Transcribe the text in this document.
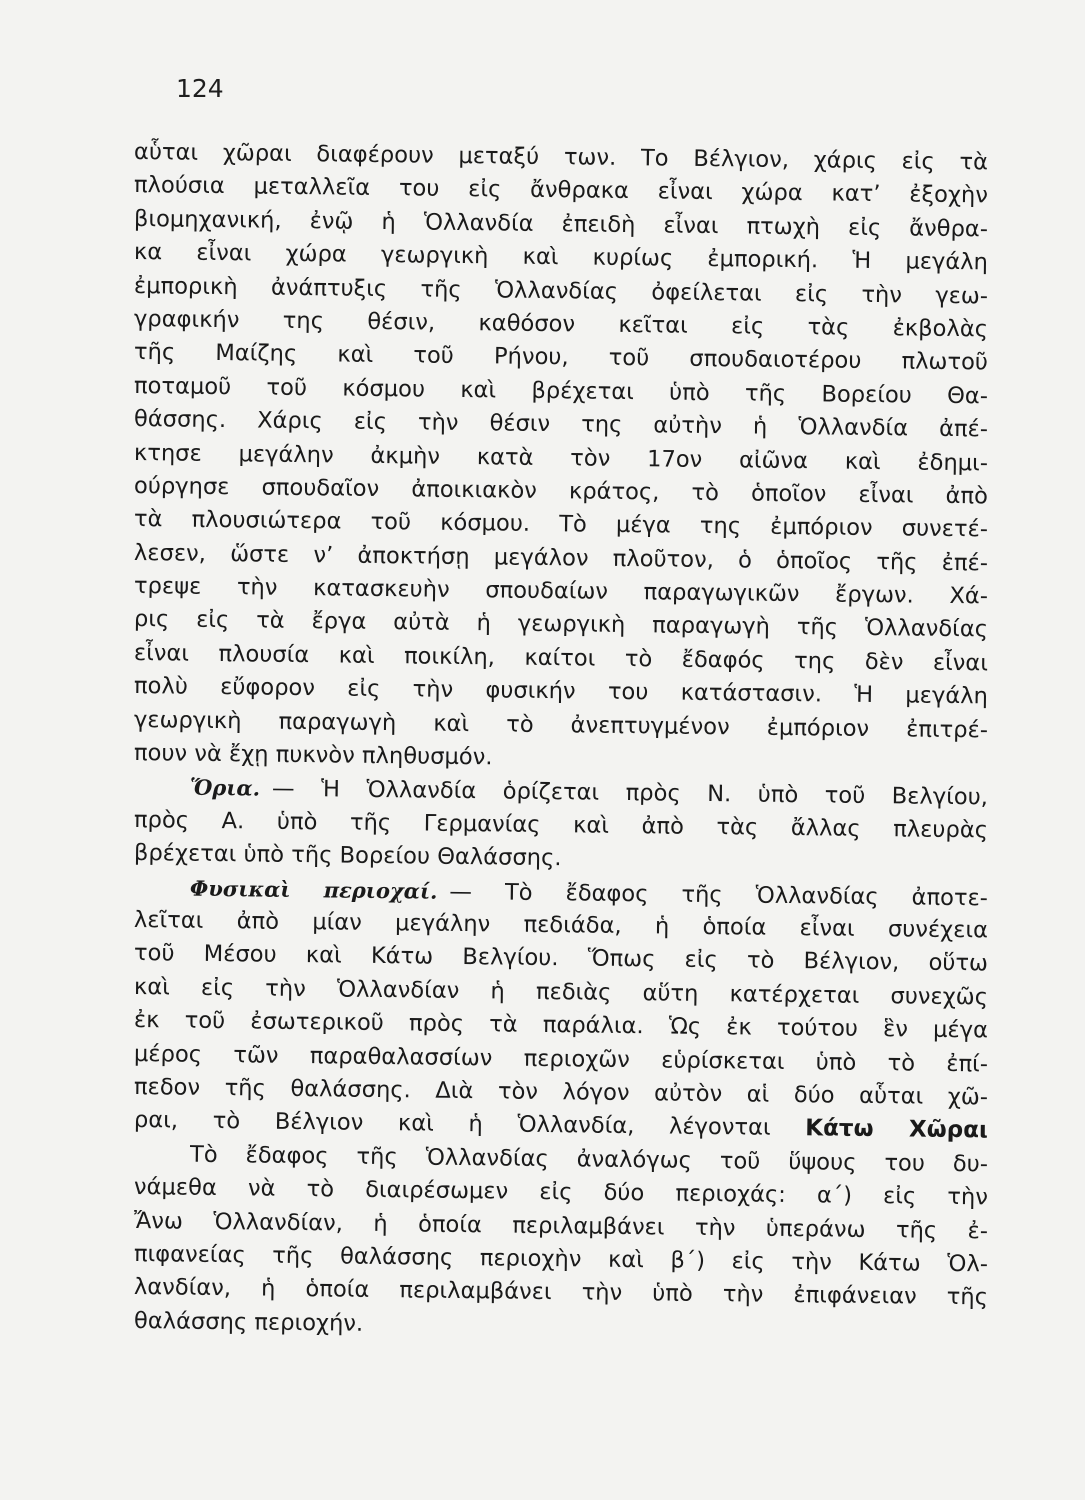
124
αὗται χῶραι διαφέρουν μεταξύ των. Το Βέλγιον, χάρις εἰς τὰ
πλούσια μεταλλεῖα του εἰς ἄνθρακα εἶναι χώρα κατ’ ἐξοχὴν
βιομηχανική, ἐνῷ ἡ Ὁλλανδία ἐπειδὴ εἶναι πτωχὴ εἰς ἄνθρα-
κα εἶναι χώρα γεωργικὴ καὶ κυρίως ἐμπορική. Ἡ μεγάλη
ἐμπορικὴ ἀνάπτυξις τῆς Ὁλλανδίας ὀφείλεται εἰς τὴν γεω-
γραφικήν της θέσιν, καθόσον κεῖται εἰς τὰς ἐκβολὰς
τῆς Μαίζης καὶ τοῦ Ρήνου, τοῦ σπουδαιοτέρου πλωτοῦ
ποταμοῦ τοῦ κόσμου καὶ βρέχεται ὑπὸ τῆς Βορείου Θα-
θάσσης. Χάρις εἰς τὴν θέσιν της αὐτὴν ἡ Ὁλλανδία ἀπέ-
κτησε μεγάλην ἀκμὴν κατὰ τὸν 17ον αἰῶνα καὶ ἐδημι-
ούργησε σπουδαῖον ἀποικιακὸν κράτος, τὸ ὁποῖον εἶναι ἀπὸ
τὰ πλουσιώτερα τοῦ κόσμου. Τὸ μέγα της ἐμπόριον συνετέ-
λεσεν, ὥστε ν’ ἀποκτήσῃ μεγάλον πλοῦτον, ὁ ὁποῖος τῆς ἐπέ-
τρεψε τὴν κατασκευὴν σπουδαίων παραγωγικῶν ἔργων. Χά-
ρις εἰς τὰ ἔργα αὐτὰ ἡ γεωργικὴ παραγωγὴ τῆς Ὁλλανδίας
εἶναι πλουσία καὶ ποικίλη, καίτοι τὸ ἔδαφός της δὲν εἶναι
πολὺ εὔφορον εἰς τὴν φυσικήν του κατάστασιν. Ἡ μεγάλη
γεωργικὴ παραγωγὴ καὶ τὸ ἀνεπτυγμένον ἐμπόριον ἐπιτρέ-
πουν νὰ ἔχῃ πυκνὸν πληθυσμόν.
Ὅρια. — Ἡ Ὁλλανδία ὁρίζεται πρὸς Ν. ὑπὸ τοῦ Βελγίου,
πρὸς Α. ὑπὸ τῆς Γερμανίας καὶ ἀπὸ τὰς ἄλλας πλευρὰς
βρέχεται ὑπὸ τῆς Βορείου Θαλάσσης.
Φυσικαὶ περιοχαί. — Τὸ ἔδαφος τῆς Ὁλλανδίας ἀποτε-
λεῖται ἀπὸ μίαν μεγάλην πεδιάδα, ἡ ὁποία εἶναι συνέχεια
τοῦ Μέσου καὶ Κάτω Βελγίου. Ὅπως εἰς τὸ Βέλγιον, οὕτω
καὶ εἰς τὴν Ὁλλανδίαν ἡ πεδιὰς αὕτη κατέρχεται συνεχῶς
ἐκ τοῦ ἐσωτερικοῦ πρὸς τὰ παράλια. Ὡς ἐκ τούτου ἓν μέγα
μέρος τῶν παραθαλασσίων περιοχῶν εὑρίσκεται ὑπὸ τὸ ἐπί-
πεδον τῆς θαλάσσης. Διὰ τὸν λόγον αὐτὸν αἱ δύο αὗται χῶ-
ραι, τὸ Βέλγιον καὶ ἡ Ὁλλανδία, λέγονται Κάτω Χῶραι
Τὸ ἔδαφος τῆς Ὁλλανδίας ἀναλόγως τοῦ ὕψους του δυ-
νάμεθα νὰ τὸ διαιρέσωμεν εἰς δύο περιοχάς: α΄) εἰς τὴν
Ἄνω Ὁλλανδίαν, ἡ ὁποία περιλαμβάνει τὴν ὑπεράνω τῆς ἐ-
πιφανείας τῆς θαλάσσης περιοχὴν καὶ β΄) εἰς τὴν Κάτω Ὁλ-
λανδίαν, ἡ ὁποία περιλαμβάνει τὴν ὑπὸ τὴν ἐπιφάνειαν τῆς
θαλάσσης περιοχήν.
